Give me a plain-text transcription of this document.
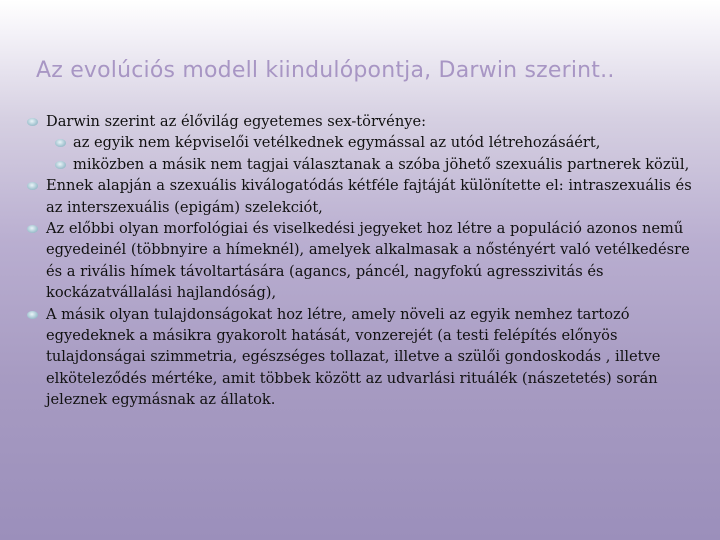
Az evolúciós modell kiindulópontja, Darwin szerint..
Darwin szerint az élővilág egyetemes sex-törvénye:
az egyik nem képviselői vetélkednek egymással az utód létrehozásáért,
miközben a másik nem tagjai választanak a szóba jöhető szexuális partnerek közül,
Ennek alapján a szexuális kiválogatódás kétféle fajtáját különítette el: intraszexuális és az interszexuális (epigám) szelekciót,
Az előbbi olyan morfológiai és viselkedési jegyeket hoz létre a populáció azonos nemű egyedeinél (többnyire a hímeknél), amelyek alkalmasak a nőstényért való vetélkedésre és a rivális hímek távoltartására (agancs, páncél, nagyfokú agresszivitás és kockázatvállalási hajlandóság),
A másik olyan tulajdonságokat hoz létre, amely növeli az egyik nemhez tartozó egyedeknek a másikra gyakorolt hatását, vonzerejét (a testi felépítés előnyös tulajdonságai szimmetria, egészséges tollazat, illetve a szülői gondoskodás , illetve elköteleződés mértéke, amit többek között az udvarlási rituálék (nászetetés) során jeleznek egymásnak az állatok.
